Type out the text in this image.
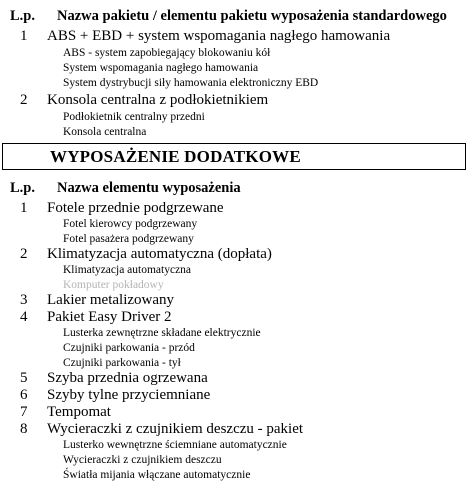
L.p. Nazwa pakietu / elementu pakietu wyposażenia standardowego
1 ABS + EBD + system wspomagania nagłego hamowania
ABS - system zapobiegający blokowaniu kół
System wspomagania nagłego hamowania
System dystrybucji siły hamowania elektroniczny EBD
2 Konsola centralna z podłokietnikiem
Podłokietnik centralny przedni
Konsola centralna
WYPOSAŻENIE DODATKOWE
L.p. Nazwa elementu wyposażenia
1 Fotele przednie podgrzewane
Fotel kierowcy podgrzewany
Fotel pasażera podgrzewany
2 Klimatyzacja automatyczna (dopłata)
Klimatyzacja automatyczna
Komputer pokładowy
3 Lakier metalizowany
4 Pakiet Easy Driver 2
Lusterka zewnętrzne składane elektrycznie
Czujniki parkowania - przód
Czujniki parkowania - tył
5 Szyba przednia ogrzewana
6 Szyby tylne przyciemniane
7 Tempomat
8 Wycieraczki z czujnikiem deszczu - pakiet
Lusterko wewnętrzne ściemniane automatycznie
Wycieraczki z czujnikiem deszczu
Światła mijania włączane automatycznie
